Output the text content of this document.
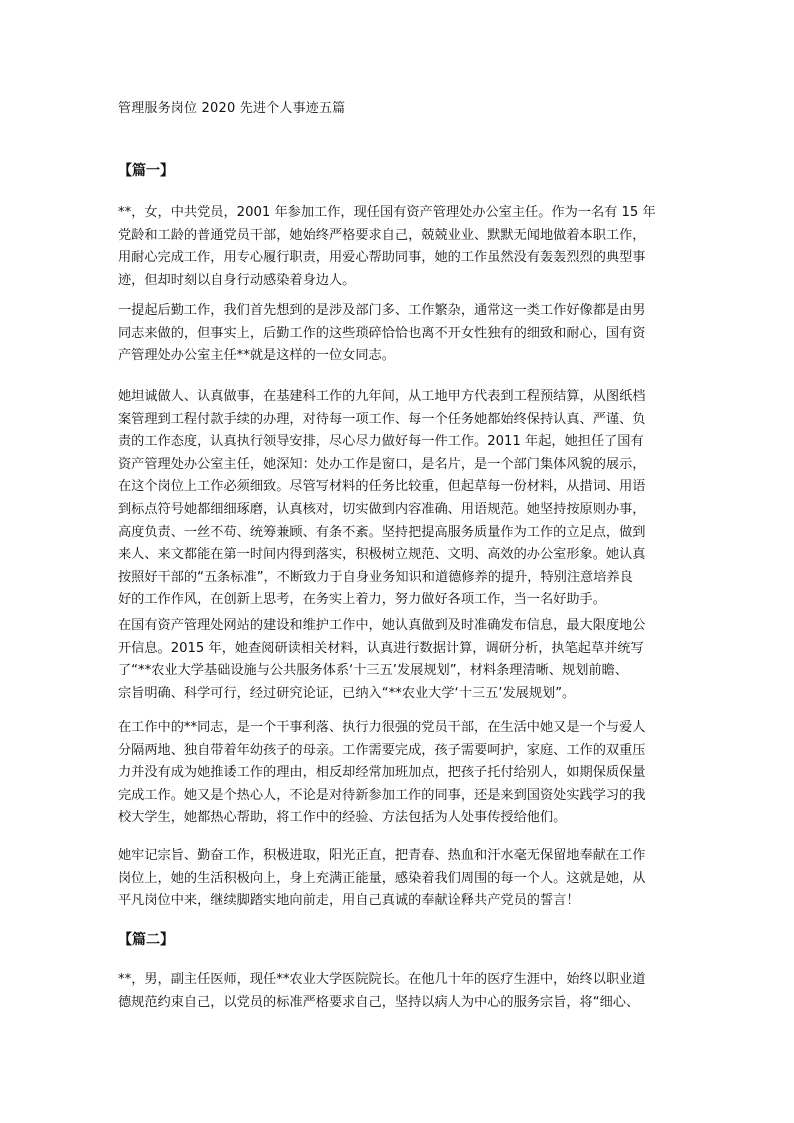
管理服务岗位 2020 先进个人事迹五篇
【篇一】
**，女，中共党员，2001 年参加工作，现任国有资产管理处办公室主任。作为一名有 15 年
党龄和工龄的普通党员干部，她始终严格要求自己，兢兢业业、默默无闻地做着本职工作，
用耐心完成工作，用专心履行职责，用爱心帮助同事，她的工作虽然没有轰轰烈烈的典型事
迹，但却时刻以自身行动感染着身边人。
一提起后勤工作，我们首先想到的是涉及部门多、工作繁杂，通常这一类工作好像都是由男
同志来做的，但事实上，后勤工作的这些琐碎恰恰也离不开女性独有的细致和耐心，国有资
产管理处办公室主任**就是这样的一位女同志。
她坦诚做人、认真做事，在基建科工作的九年间，从工地甲方代表到工程预结算，从图纸档
案管理到工程付款手续的办理，对待每一项工作、每一个任务她都始终保持认真、严谨、负
责的工作态度，认真执行领导安排，尽心尽力做好每一件工作。2011 年起，她担任了国有
资产管理处办公室主任，她深知：处办工作是窗口，是名片，是一个部门集体风貌的展示，
在这个岗位上工作必须细致。尽管写材料的任务比较重，但起草每一份材料，从措词、用语
到标点符号她都细细琢磨，认真核对，切实做到内容准确、用语规范。她坚持按原则办事，
高度负责、一丝不苟、统筹兼顾、有条不紊。坚持把提高服务质量作为工作的立足点，做到
来人、来文都能在第一时间内得到落实，积极树立规范、文明、高效的办公室形象。她认真
按照好干部的“五条标准”，不断致力于自身业务知识和道德修养的提升，特别注意培养良
好的工作作风，在创新上思考，在务实上着力，努力做好各项工作，当一名好助手。
在国有资产管理处网站的建设和维护工作中，她认真做到及时准确发布信息，最大限度地公
开信息。2015 年，她查阅研读相关材料，认真进行数据计算，调研分析，执笔起草并统写
了“**农业大学基础设施与公共服务体系‘十三五’发展规划”，材料条理清晰、规划前瞻、
宗旨明确、科学可行，经过研究论证，已纳入“**农业大学‘十三五’发展规划”。
在工作中的**同志，是一个干事利落、执行力很强的党员干部，在生活中她又是一个与爱人
分隔两地、独自带着年幼孩子的母亲。工作需要完成，孩子需要呵护，家庭、工作的双重压
力并没有成为她推诿工作的理由，相反却经常加班加点，把孩子托付给别人，如期保质保量
完成工作。她又是个热心人，不论是对待新参加工作的同事，还是来到国资处实践学习的我
校大学生，她都热心帮助，将工作中的经验、方法包括为人处事传授给他们。
她牢记宗旨、勤奋工作，积极进取，阳光正直，把青春、热血和汗水毫无保留地奉献在工作
岗位上，她的生活积极向上，身上充满正能量，感染着我们周围的每一个人。这就是她，从
平凡岗位中来，继续脚踏实地向前走，用自己真诚的奉献诠释共产党员的誓言！
【篇二】
**，男，副主任医师，现任**农业大学医院院长。在他几十年的医疗生涯中，始终以职业道
德规范约束自己，以党员的标准严格要求自己，坚持以病人为中心的服务宗旨，将“细心、
